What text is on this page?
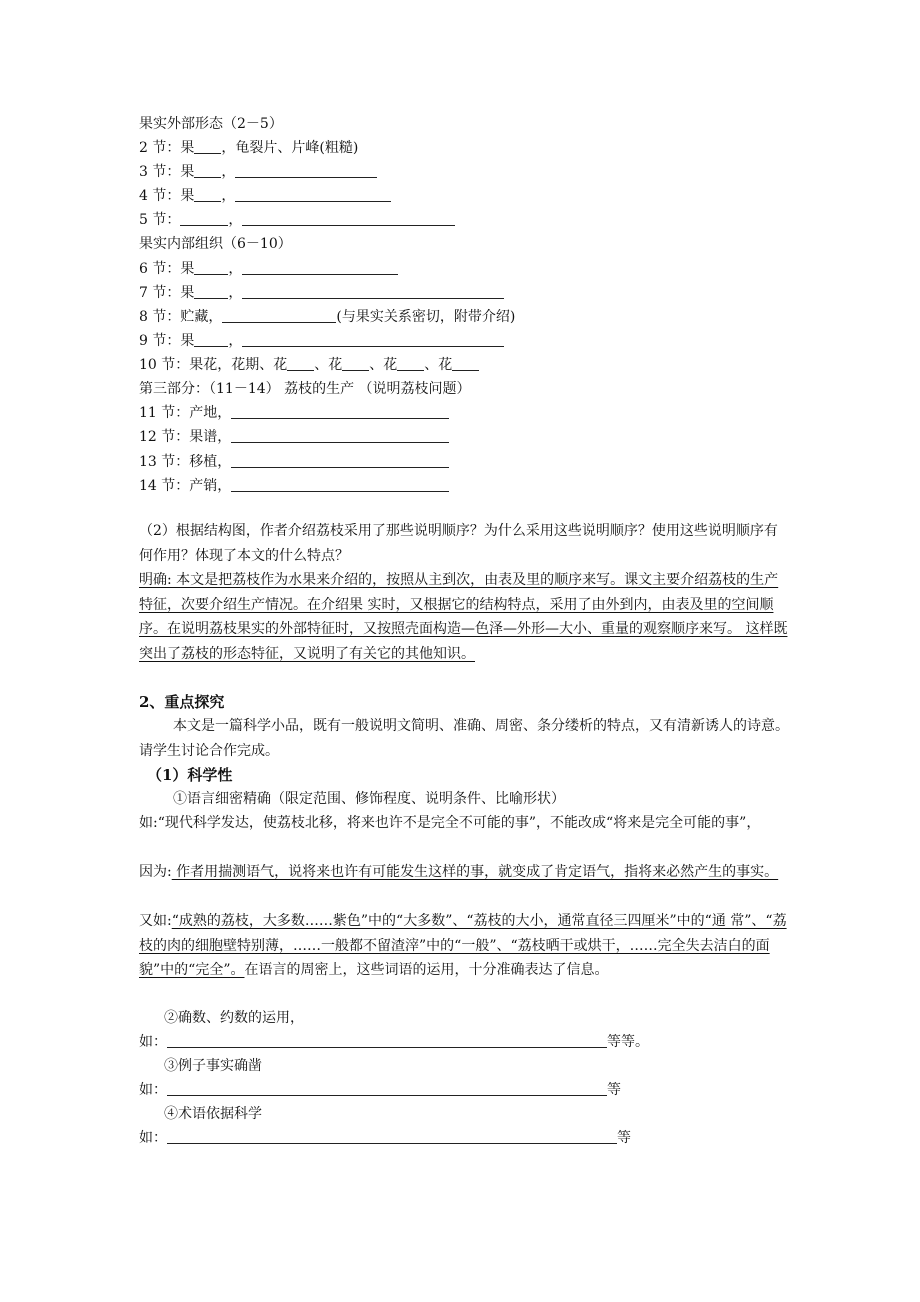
果实外部形态（2－5）
2 节：果 ，龟裂片、片峰(粗糙)
3 节：果 ，
4 节：果 ，
5 节：	，
果实内部组织（6－10）
6 节：果 ，
7 节：果 ，
8 节：贮藏，	(与果实关系密切，附带介绍)
9 节：果 ，
10 节：果花，花期、花 、花 、花 、花
第三部分：（11－14） 荔枝的生产 （说明荔枝问题）
11 节：产地，
12 节：果谱，
13 节：移植，
14 节：产销，
（2）根据结构图，作者介绍荔枝采用了那些说明顺序？为什么采用这些说明顺序？使用这些说明顺序有何作用？体现了本文的什么特点？
明确: 本文是把荔枝作为水果来介绍的，按照从主到次，由表及里的顺序来写。课文主要介绍荔枝的生产特征，次要介绍生产情况。在介绍果 实时，又根据它的结构特点，采用了由外到内，由表及里的空间顺序。在说明荔枝果实的外部特征时，又按照壳面构造—色泽—外形—大小、重量的观察顺序来写。 这样既突出了荔枝的形态特征，又说明了有关它的其他知识。
2、重点探究
本文是一篇科学小品，既有一般说明文简明、准确、周密、条分缕析的特点，又有清新诱人的诗意。请学生讨论合作完成。
（1）科学性
①语言细密精确（限定范围、修饰程度、说明条件、比喻形状）
如:“现代科学发达，使荔枝北移，将来也许不是完全不可能的事”，不能改成“将来是完全可能的事”，
因为: 作者用揣测语气，说将来也许有可能发生这样的事，就变成了肯定语气，指将来必然产生的事实。
又如:“成熟的荔枝，大多数……紫色”中的“大多数”、“荔枝的大小，通常直径三四厘米”中的“通 常”、“荔枝的肉的细胞壁特别薄，……一般都不留渣滓”中的“一般”、“荔枝晒干或烘干，……完全失去洁白的面貌”中的“完全”。在语言的周密上，这些词语的运用，十分准确表达了信息。
②确数、约数的运用，
如：	等等。
③例子事实确凿
如：	等
④术语依据科学
如：	等
